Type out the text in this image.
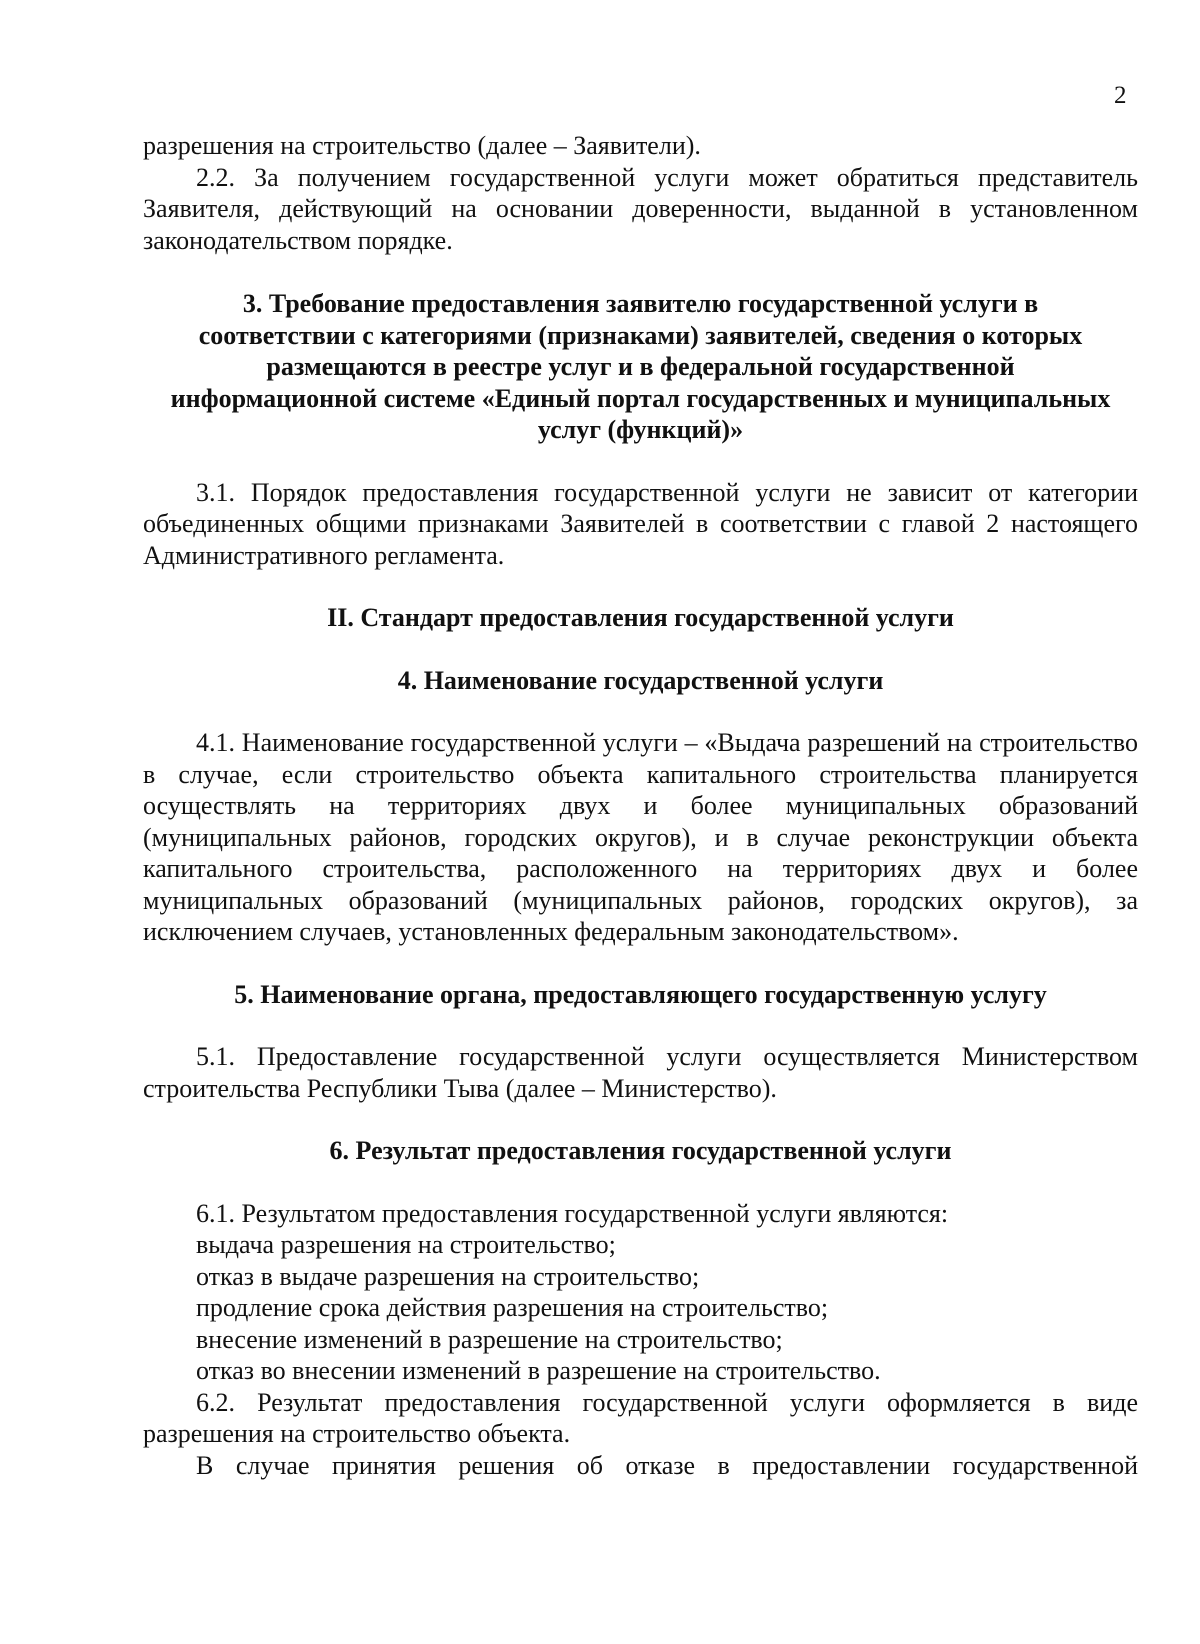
2

разрешения на строительство (далее – Заявители).

2.2. За получением государственной услуги может обратиться представитель Заявителя, действующий на основании доверенности, выданной в установленном законодательством порядке.

3. Требование предоставления заявителю государственной услуги в соответствии с категориями (признаками) заявителей, сведения о которых размещаются в реестре услуг и в федеральной государственной информационной системе «Единый портал государственных и муниципальных услуг (функций)»

3.1. Порядок предоставления государственной услуги не зависит от категории объединенных общими признаками Заявителей в соответствии с главой 2 настоящего Административного регламента.

II. Стандарт предоставления государственной услуги
4. Наименование государственной услуги

4.1. Наименование государственной услуги – «Выдача разрешений на строительство в случае, если строительство объекта капитального строительства планируется осуществлять на территориях двух и более муниципальных образований (муниципальных районов, городских округов), и в случае реконструкции объекта капитального строительства, расположенного на территориях двух и более муниципальных образований (муниципальных районов, городских округов), за исключением случаев, установленных федеральным законодательством».

5. Наименование органа, предоставляющего государственную услугу

5.1. Предоставление государственной услуги осуществляется Министерством строительства Республики Тыва (далее – Министерство).

6. Результат предоставления государственной услуги

6.1. Результатом предоставления государственной услуги являются:

выдача разрешения на строительство;

отказ в выдаче разрешения на строительство;

продление срока действия разрешения на строительство;

внесение изменений в разрешение на строительство;

отказ во внесении изменений в разрешение на строительство.

6.2. Результат предоставления государственной услуги оформляется в виде разрешения на строительство объекта.

В случае принятия решения об отказе в предоставлении государственной
